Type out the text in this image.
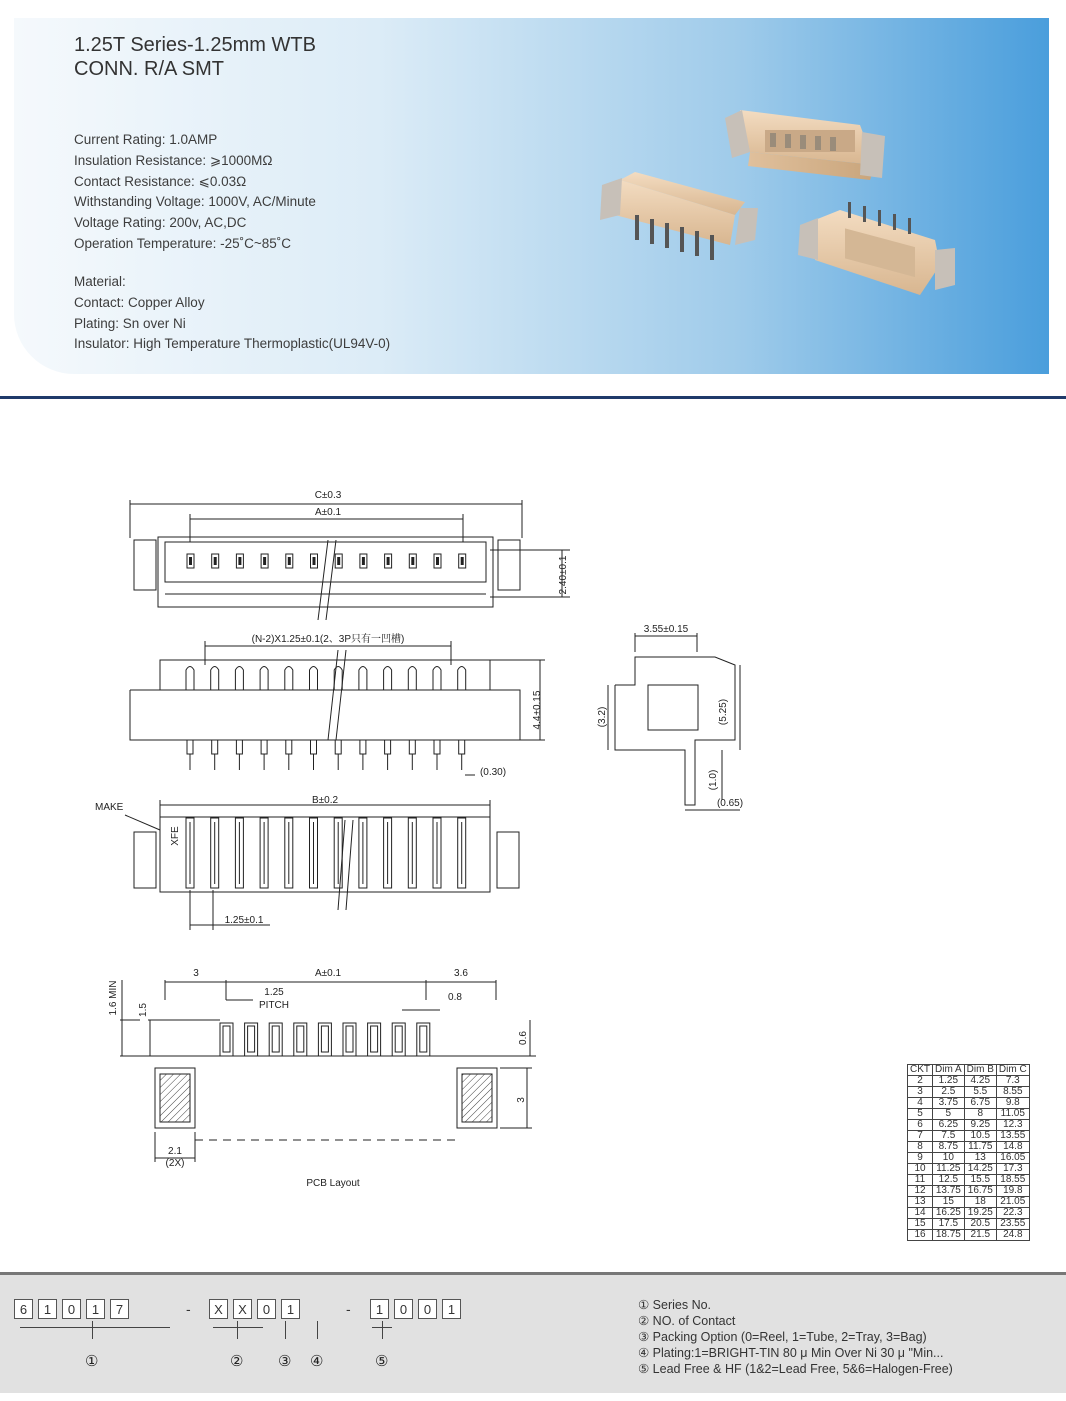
1.25T Series-1.25mm WTB
CONN. R/A SMT
Current Rating: 1.0AMP
Insulation Resistance: ⩾1000MΩ
Contact Resistance: ⩽0.03Ω
Withstanding Voltage: 1000V, AC/Minute
Voltage Rating: 200v, AC,DC
Operation Temperature: -25˚C~85˚C
Material:
Contact: Copper Alloy
Plating: Sn over Ni
Insulator: High Temperature Thermoplastic(UL94V-0)
C±0.3
A±0.1
2.40±0.1
(N-2)X1.25±0.1(2、3P只有一凹槽)
4.4±0.15
(0.30)
3.55±0.15
(3.2)	(5.25)
(1.0)
(0.65)
MAKE
XFE
B±0.2
1.25±0.1
3	A±0.1	3.6
1.25
PITCH
0.8
1.6 MIN 1.5
0.6
3
2.1
(2X)
PCB Layout
CKT	Dim A	Dim B	Dim C
2	1.25	4.25	7.3
3	2.5	5.5	8.55
4	3.75	6.75	9.8
5	5	8	11.05
6	6.25	9.25	12.3
7	7.5	10.5	13.55
8	8.75	11.75	14.8
9	10	13	16.05
10	11.25	14.25	17.3
11	12.5	15.5	18.55
12	13.75	16.75	19.8
13	15	18	21.05
14	16.25	19.25	22.3
15	17.5	20.5	23.55
16	18.75	21.5	24.8
6	1	0	1	7	-	X	X	0	1	-	1	0	0	1
①	② ③ ④	⑤
① Series No.
② NO. of Contact
③ Packing Option (0=Reel, 1=Tube, 2=Tray, 3=Bag)
④ Plating:1=BRIGHT-TIN 80 μ Min Over Ni 30 μ "Min...
⑤ Lead Free & HF (1&2=Lead Free, 5&6=Halogen-Free)
